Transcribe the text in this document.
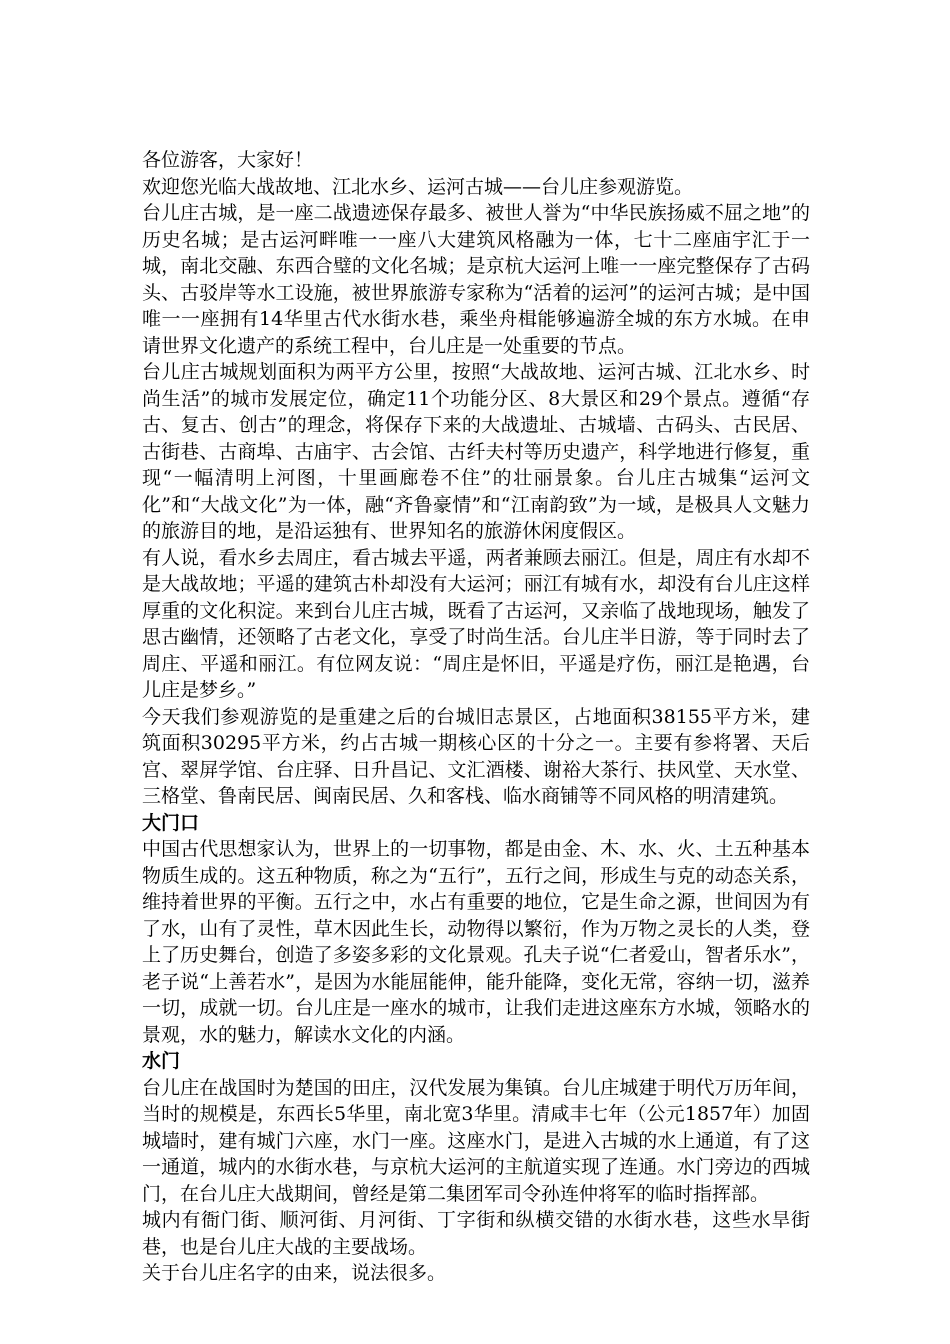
各位游客，大家好！

欢迎您光临大战故地、江北水乡、运河古城——台儿庄参观游览。

台儿庄古城，是一座二战遗迹保存最多、被世人誉为“中华民族扬威不屈之地”的历史名城；是古运河畔唯一一座八大建筑风格融为一体，七十二座庙宇汇于一城，南北交融、东西合璧的文化名城；是京杭大运河上唯一一座完整保存了古码头、古驳岸等水工设施，被世界旅游专家称为“活着的运河”的运河古城；是中国唯一一座拥有14华里古代水街水巷，乘坐舟楫能够遍游全城的东方水城。在申请世界文化遗产的系统工程中，台儿庄是一处重要的节点。

台儿庄古城规划面积为两平方公里，按照“大战故地、运河古城、江北水乡、时尚生活”的城市发展定位，确定11个功能分区、8大景区和29个景点。遵循“存古、复古、创古”的理念，将保存下来的大战遗址、古城墙、古码头、古民居、古街巷、古商埠、古庙宇、古会馆、古纤夫村等历史遗产，科学地进行修复，重现“一幅清明上河图，十里画廊卷不住”的壮丽景象。台儿庄古城集“运河文化”和“大战文化”为一体，融“齐鲁豪情”和“江南韵致”为一域，是极具人文魅力的旅游目的地，是沿运独有、世界知名的旅游休闲度假区。

有人说，看水乡去周庄，看古城去平遥，两者兼顾去丽江。但是，周庄有水却不是大战故地；平遥的建筑古朴却没有大运河；丽江有城有水，却没有台儿庄这样厚重的文化积淀。来到台儿庄古城，既看了古运河，又亲临了战地现场，触发了思古幽情，还领略了古老文化，享受了时尚生活。台儿庄半日游，等于同时去了周庄、平遥和丽江。有位网友说：“周庄是怀旧，平遥是疗伤，丽江是艳遇，台儿庄是梦乡。”

今天我们参观游览的是重建之后的台城旧志景区，占地面积38155平方米，建筑面积30295平方米，约占古城一期核心区的十分之一。主要有参将署、天后宫、翠屏学馆、台庄驿、日升昌记、文汇酒楼、谢裕大茶行、扶风堂、天水堂、三格堂、鲁南民居、闽南民居、久和客栈、临水商铺等不同风格的明清建筑。

大门口

中国古代思想家认为，世界上的一切事物，都是由金、木、水、火、土五种基本物质生成的。这五种物质，称之为“五行”，五行之间，形成生与克的动态关系，维持着世界的平衡。五行之中，水占有重要的地位，它是生命之源，世间因为有了水，山有了灵性，草木因此生长，动物得以繁衍，作为万物之灵长的人类，登上了历史舞台，创造了多姿多彩的文化景观。孔夫子说“仁者爱山，智者乐水”，老子说“上善若水”，是因为水能屈能伸，能升能降，变化无常，容纳一切，滋养一切，成就一切。台儿庄是一座水的城市，让我们走进这座东方水城，领略水的景观，水的魅力，解读水文化的内涵。

水门

台儿庄在战国时为楚国的田庄，汉代发展为集镇。台儿庄城建于明代万历年间，当时的规模是，东西长5华里，南北宽3华里。清咸丰七年（公元1857年）加固城墙时，建有城门六座，水门一座。这座水门，是进入古城的水上通道，有了这一通道，城内的水街水巷，与京杭大运河的主航道实现了连通。水门旁边的西城门，在台儿庄大战期间，曾经是第二集团军司令孙连仲将军的临时指挥部。

城内有衙门街、顺河街、月河街、丁字街和纵横交错的水街水巷，这些水旱街巷，也是台儿庄大战的主要战场。

关于台儿庄名字的由来，说法很多。
